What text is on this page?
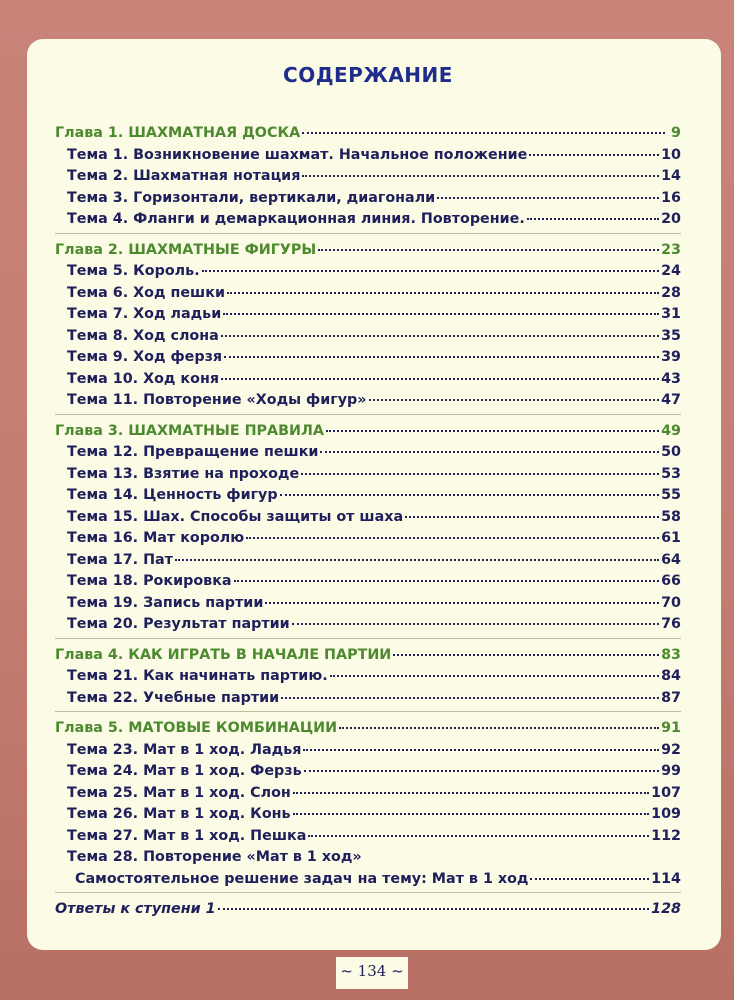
СОДЕРЖАНИЕ
Глава 1. ШАХМАТНАЯ ДОСКА	9
Тема 1. Возникновение шахмат. Начальное положение	10
Тема 2. Шахматная нотация	14
Тема 3. Горизонтали, вертикали, диагонали	16
Тема 4. Фланги и демаркационная линия. Повторение.	20
Глава 2. ШАХМАТНЫЕ ФИГУРЫ	23
Тема 5. Король.	24
Тема 6. Ход пешки	28
Тема 7. Ход ладьи	31
Тема 8. Ход слона	35
Тема 9. Ход ферзя	39
Тема 10. Ход коня	43
Тема 11. Повторение «Ходы фигур»	47
Глава 3. ШАХМАТНЫЕ ПРАВИЛА	49
Тема 12. Превращение пешки	50
Тема 13. Взятие на проходе	53
Тема 14. Ценность фигур	55
Тема 15. Шах. Способы защиты от шаха	58
Тема 16. Мат королю	61
Тема 17. Пат	64
Тема 18. Рокировка	66
Тема 19. Запись партии	70
Тема 20. Результат партии	76
Глава 4. КАК ИГРАТЬ В НАЧАЛЕ ПАРТИИ	83
Тема 21. Как начинать партию.	84
Тема 22. Учебные партии	87
Глава 5. МАТОВЫЕ КОМБИНАЦИИ	91
Тема 23. Мат в 1 ход. Ладья	92
Тема 24. Мат в 1 ход. Ферзь	99
Тема 25. Мат в 1 ход. Слон	107
Тема 26. Мат в 1 ход. Конь	109
Тема 27. Мат в 1 ход. Пешка	112
Тема 28. Повторение «Мат в 1 ход»
Самостоятельное решение задач на тему: Мат в 1 ход	114
Ответы к ступени 1	128
~ 134 ~
